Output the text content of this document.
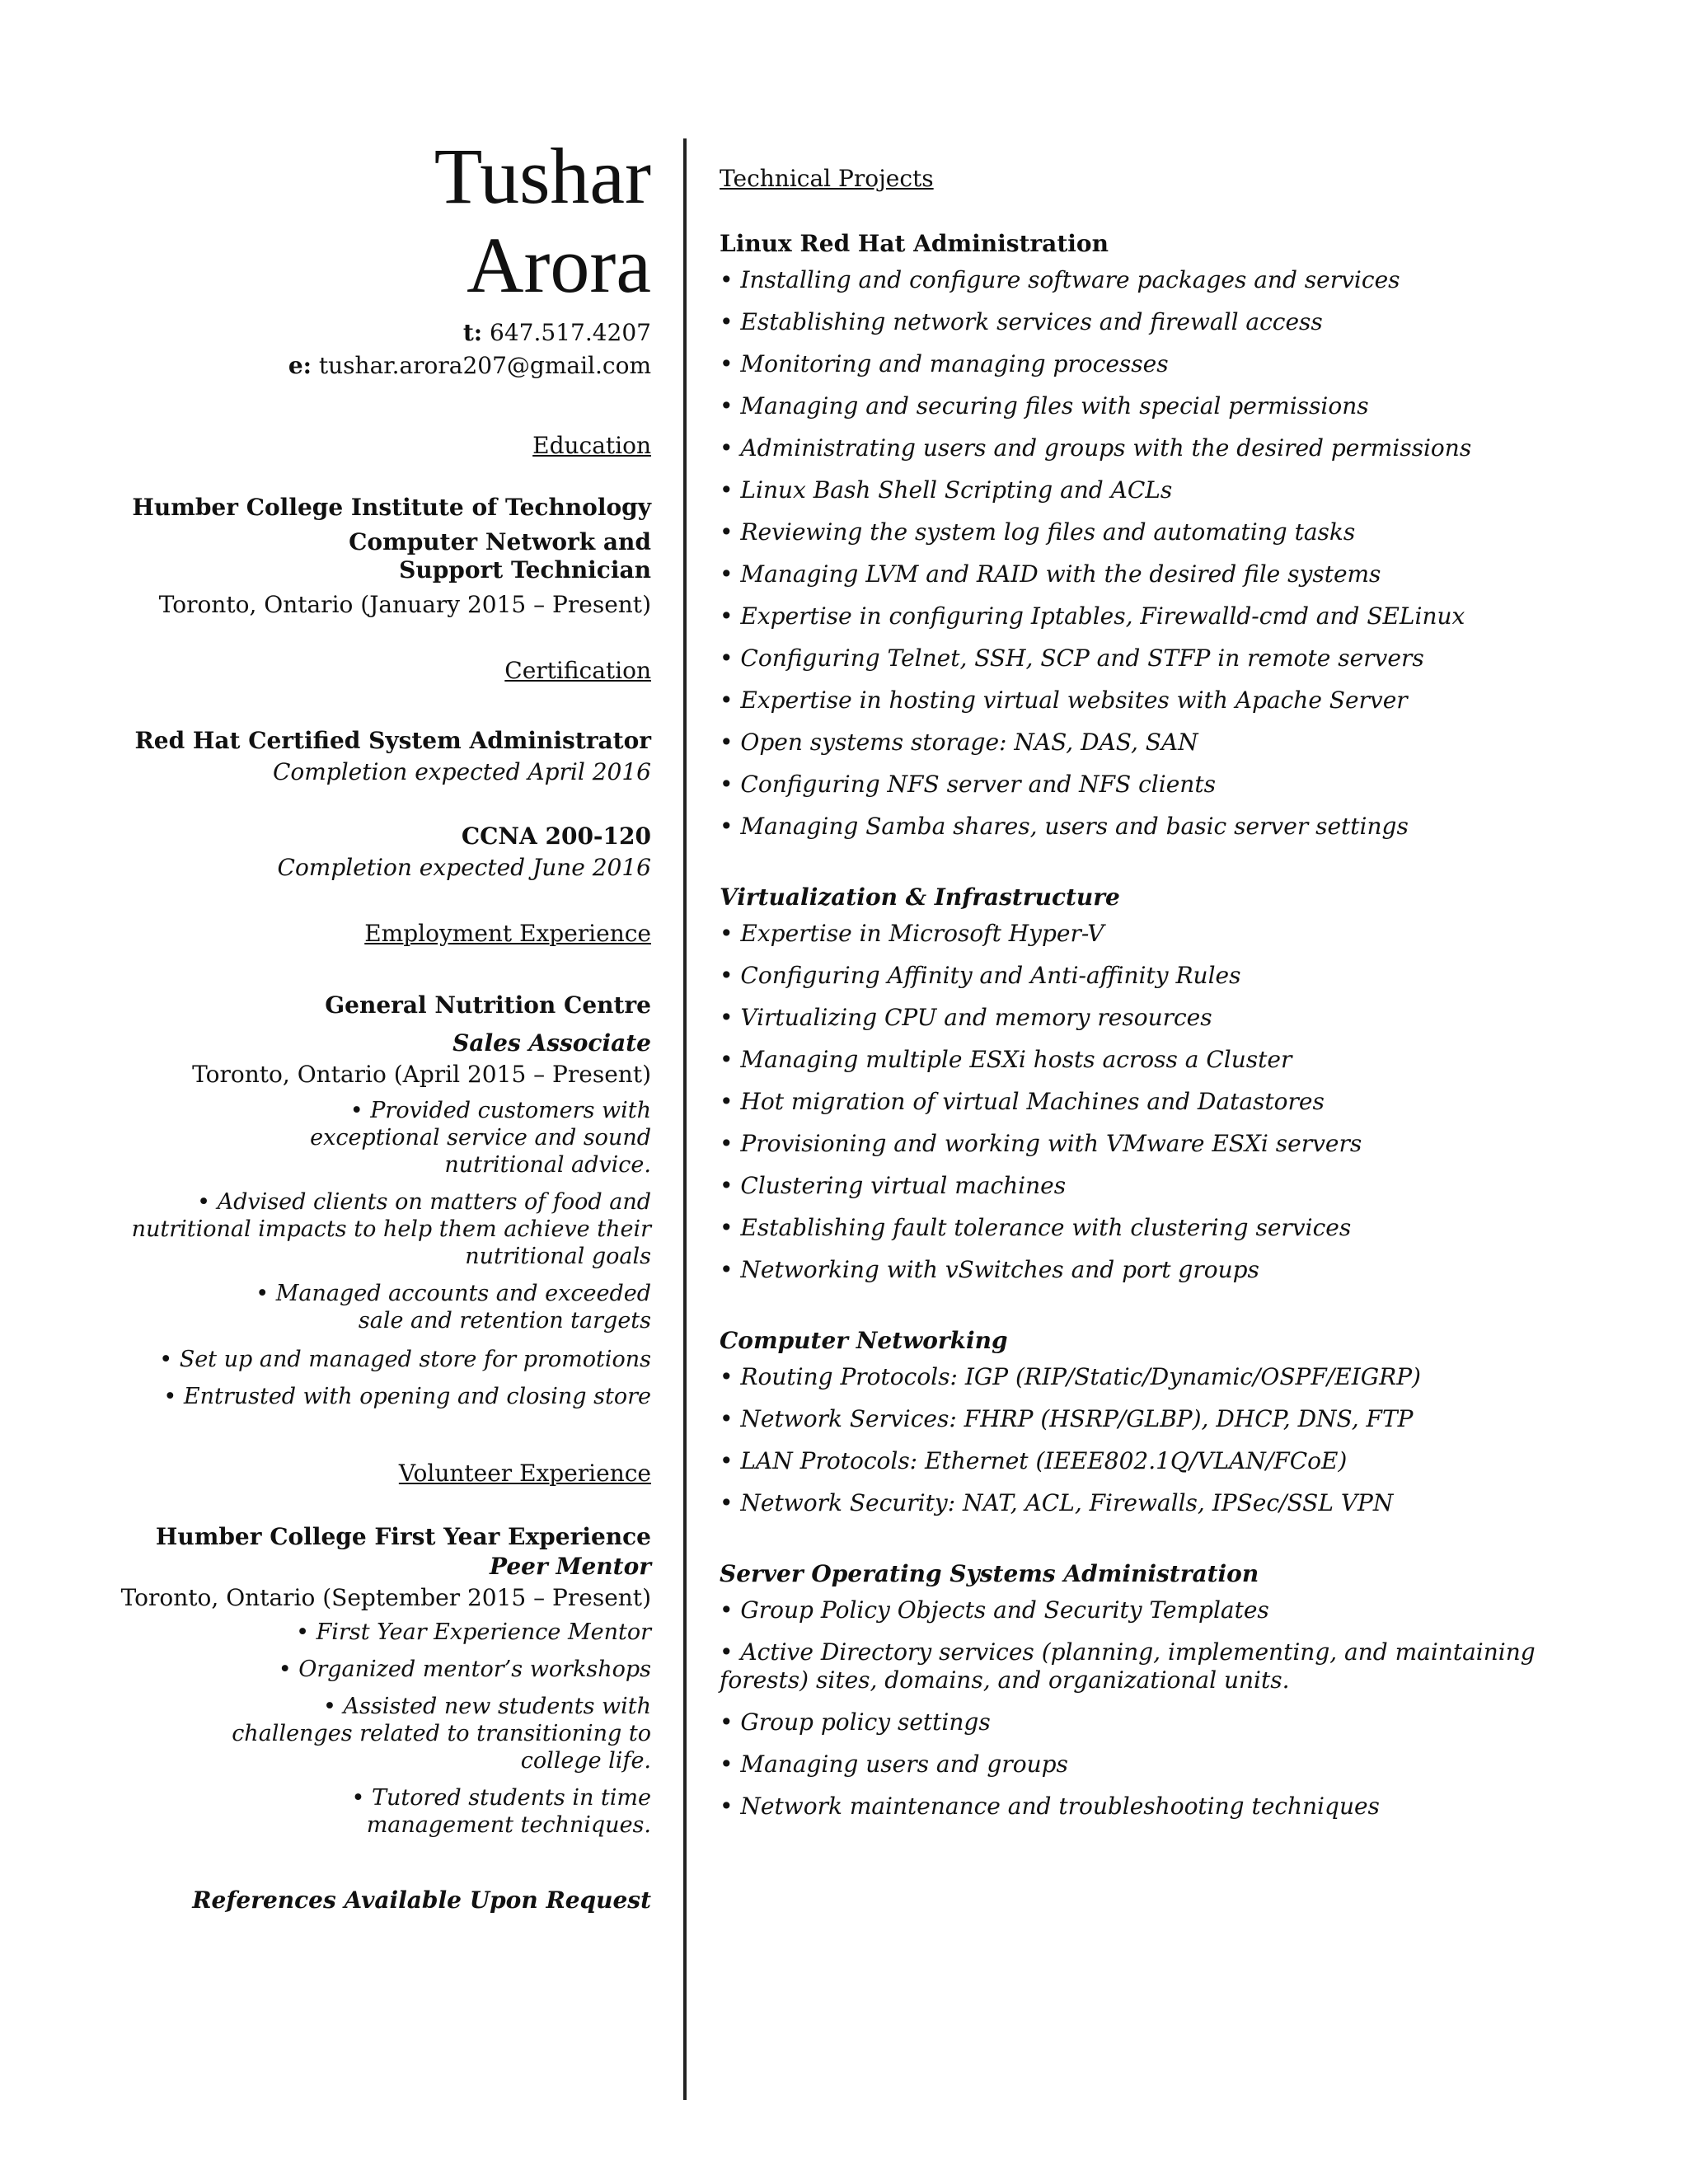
Tushar
Arora
t: 647.517.4207
e: tushar.arora207@gmail.com
Education
Humber College Institute of Technology
Computer Network and Support Technician
Toronto, Ontario (January 2015 – Present)
Certification
Red Hat Certified System Administrator
Completion expected April 2016
CCNA 200-120
Completion expected June 2016
Employment Experience
General Nutrition Centre
Sales Associate
Toronto, Ontario (April 2015 – Present)

• Provided customers with exceptional service and sound nutritional advice.

• Advised clients on matters of food and nutritional impacts to help them achieve their nutritional goals

• Managed accounts and exceeded sale and retention targets

• Set up and managed store for promotions

• Entrusted with opening and closing store

Volunteer Experience
Humber College First Year Experience
Peer Mentor
Toronto, Ontario (September 2015 – Present)

• First Year Experience Mentor

• Organized mentor’s workshops

• Assisted new students with challenges related to transitioning to college life.

• Tutored students in time management techniques.

References Available Upon Request
Technical Projects
Linux Red Hat Administration
• Installing and configure software packages and services
• Establishing network services and firewall access
• Monitoring and managing processes
• Managing and securing files with special permissions
• Administrating users and groups with the desired permissions
• Linux Bash Shell Scripting and ACLs
• Reviewing the system log files and automating tasks
• Managing LVM and RAID with the desired file systems
• Expertise in configuring Iptables, Firewalld-cmd and SELinux
• Configuring Telnet, SSH, SCP and STFP in remote servers
• Expertise in hosting virtual websites with Apache Server
• Open systems storage: NAS, DAS, SAN
• Configuring NFS server and NFS clients
• Managing Samba shares, users and basic server settings
Virtualization & Infrastructure
• Expertise in Microsoft Hyper-V
• Configuring Affinity and Anti-affinity Rules
• Virtualizing CPU and memory resources
• Managing multiple ESXi hosts across a Cluster
• Hot migration of virtual Machines and Datastores
• Provisioning and working with VMware ESXi servers
• Clustering virtual machines
• Establishing fault tolerance with clustering services
• Networking with vSwitches and port groups
Computer Networking
• Routing Protocols: IGP (RIP/Static/Dynamic/OSPF/EIGRP)
• Network Services: FHRP (HSRP/GLBP), DHCP, DNS, FTP
• LAN Protocols: Ethernet (IEEE802.1Q/VLAN/FCoE)
• Network Security: NAT, ACL, Firewalls, IPSec/SSL VPN
Server Operating Systems Administration
• Group Policy Objects and Security Templates
• Active Directory services (planning, implementing, and maintaining forests) sites, domains, and organizational units.
• Group policy settings
• Managing users and groups
• Network maintenance and troubleshooting techniques
